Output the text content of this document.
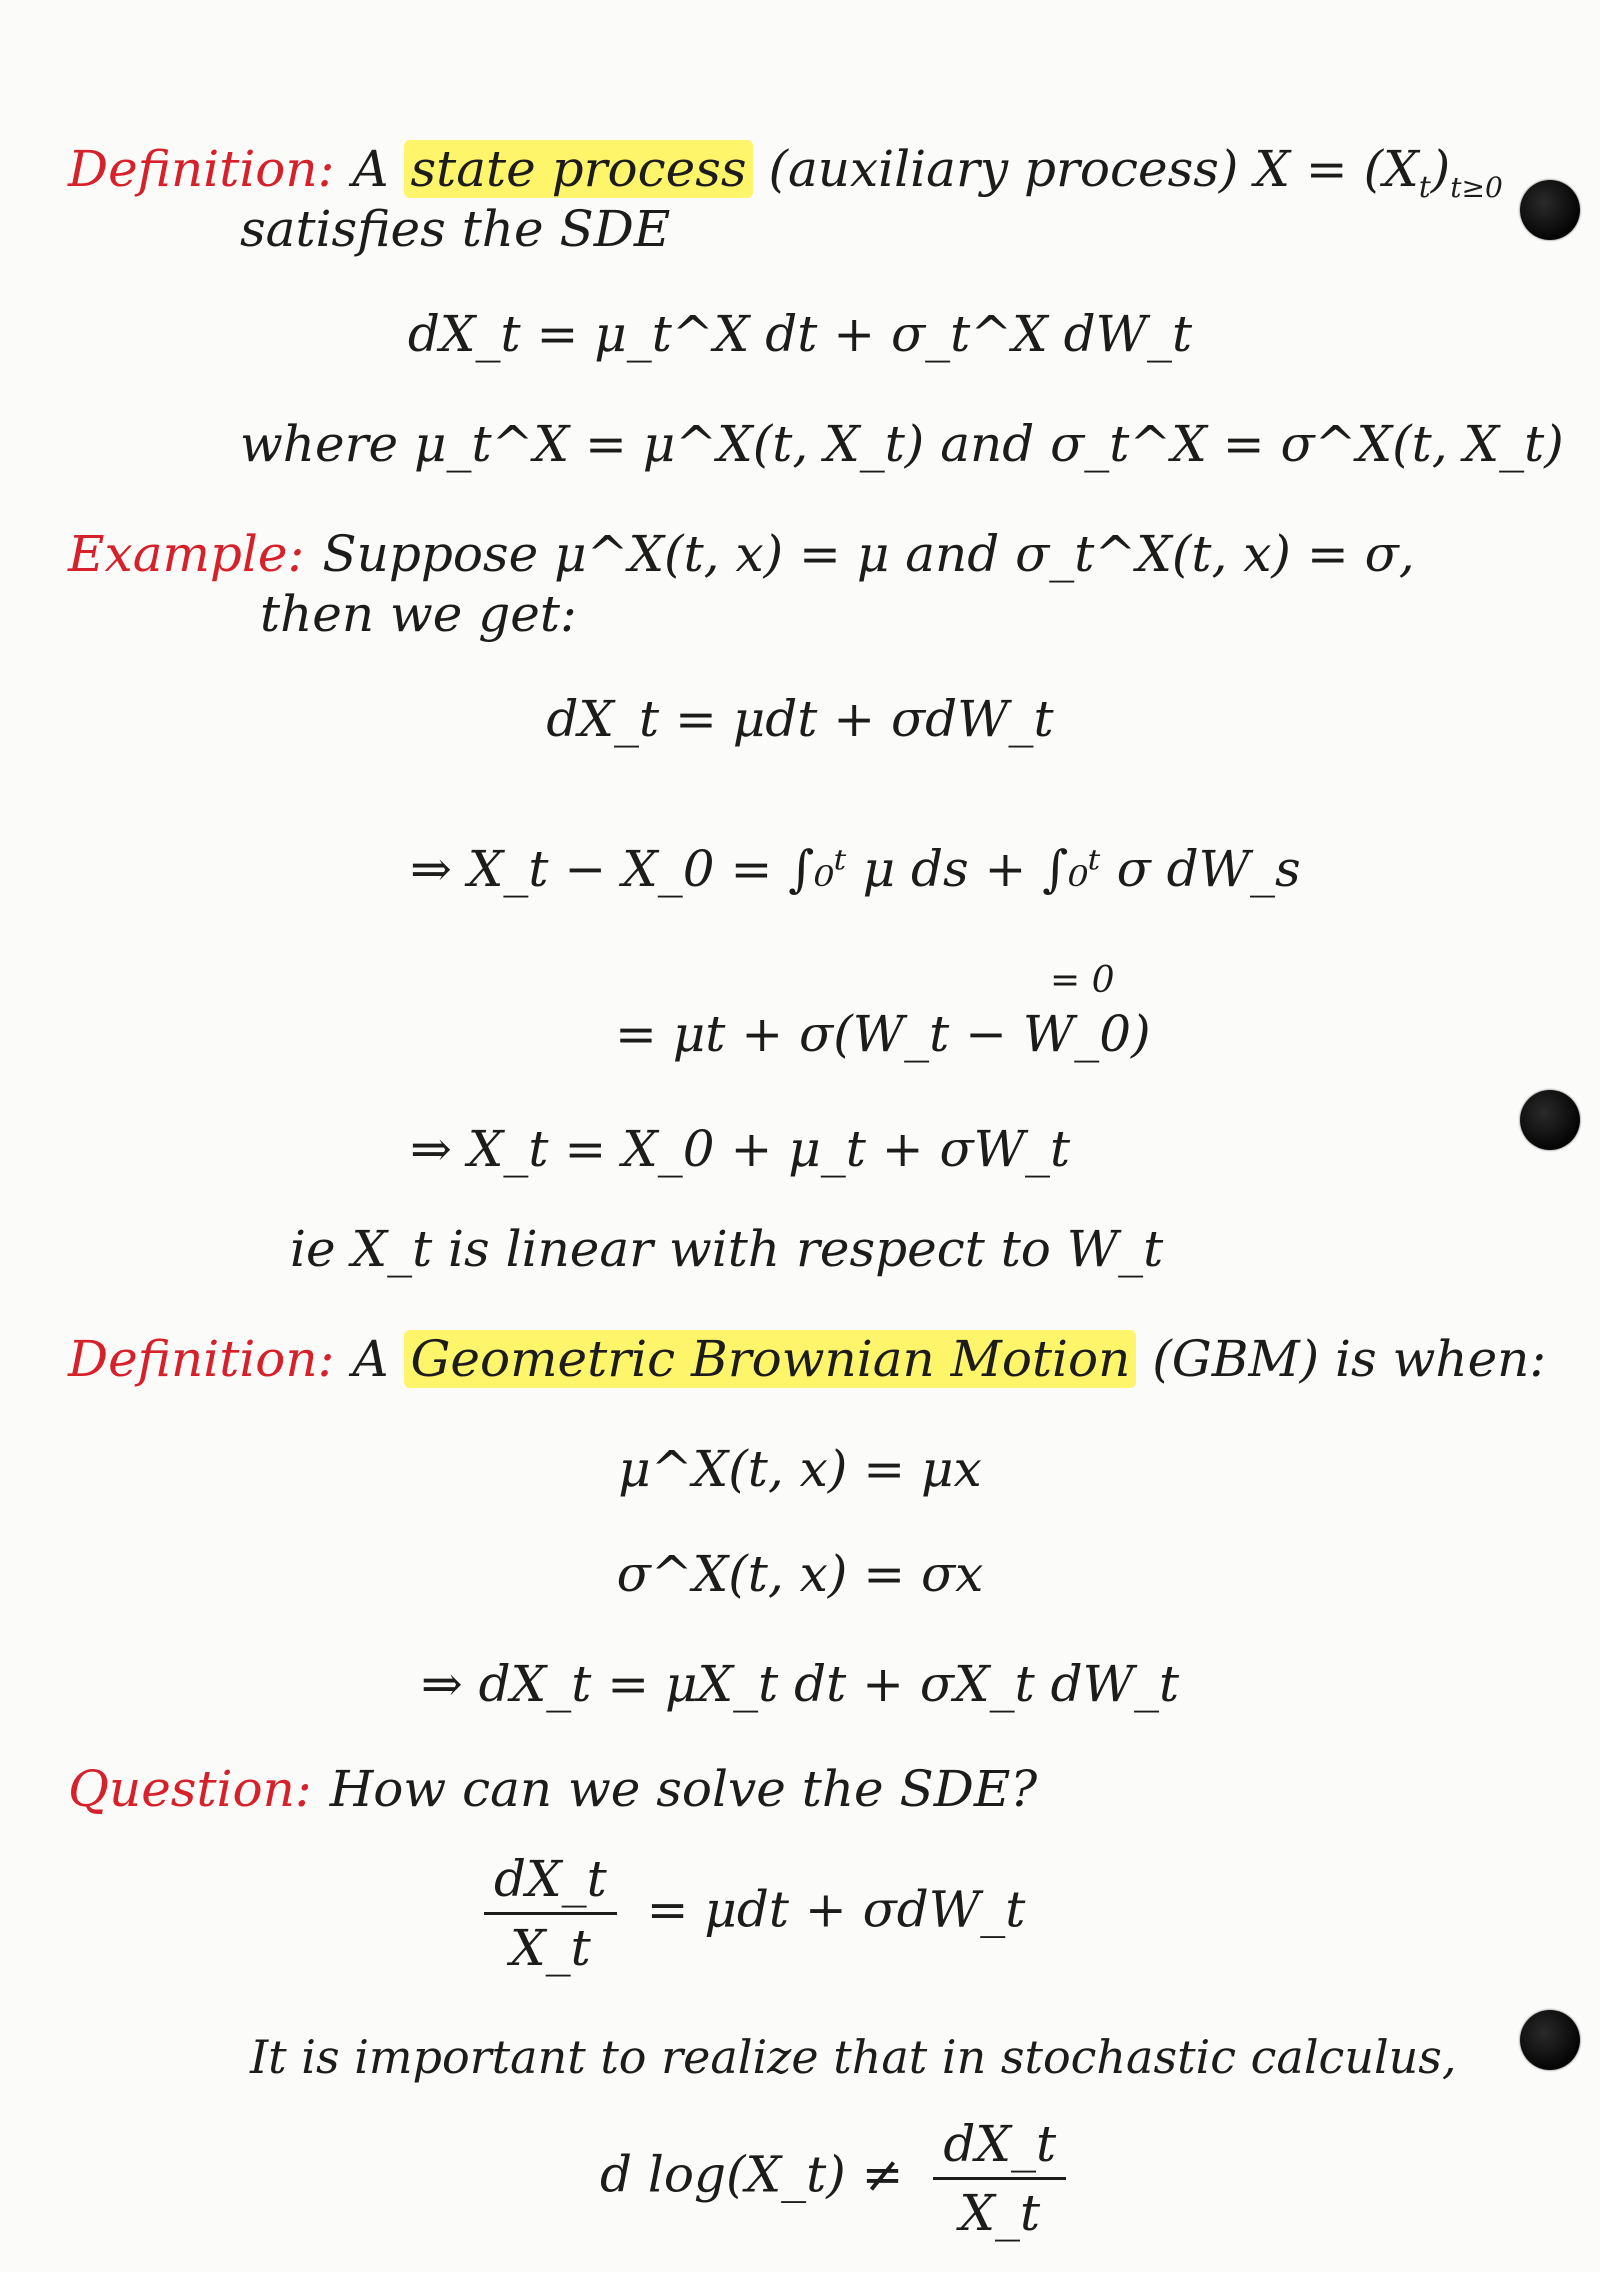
Definition: A state process (auxiliary process) $X = (X_t)_{t\ge 0}$
satisfies the SDE
dX_t = μ_t^X dt + σ_t^X dW_t
where μ_t^X = μ^X(t, X_t) and σ_t^X = σ^X(t, X_t)
Example: Suppose μ^X(t, x) = μ and σ_t^X(t, x) = σ,
then we get:
dX_t = μdt + σdW_t
⇒ X_t − X_0 = ∫₀ᵗ μ ds + ∫₀ᵗ σ dW_s
= 0
= μt + σ(W_t − W_0)
⇒ X_t = X_0 + μ_t + σW_t
ie X_t is linear with respect to W_t
Definition: A Geometric Brownian Motion (GBM) is when:
μ^X(t, x) = μx
σ^X(t, x) = σx
⇒ dX_t = μX_t dt + σX_t dW_t
Question: How can we solve the SDE?
$\frac{dX\_t}{X\_t} = \mu dt$ + σdW_t
It is important to realize that in stochastic calculus,
d log(X_t) ≠ $\frac{dX\_t}{X\_t}$
